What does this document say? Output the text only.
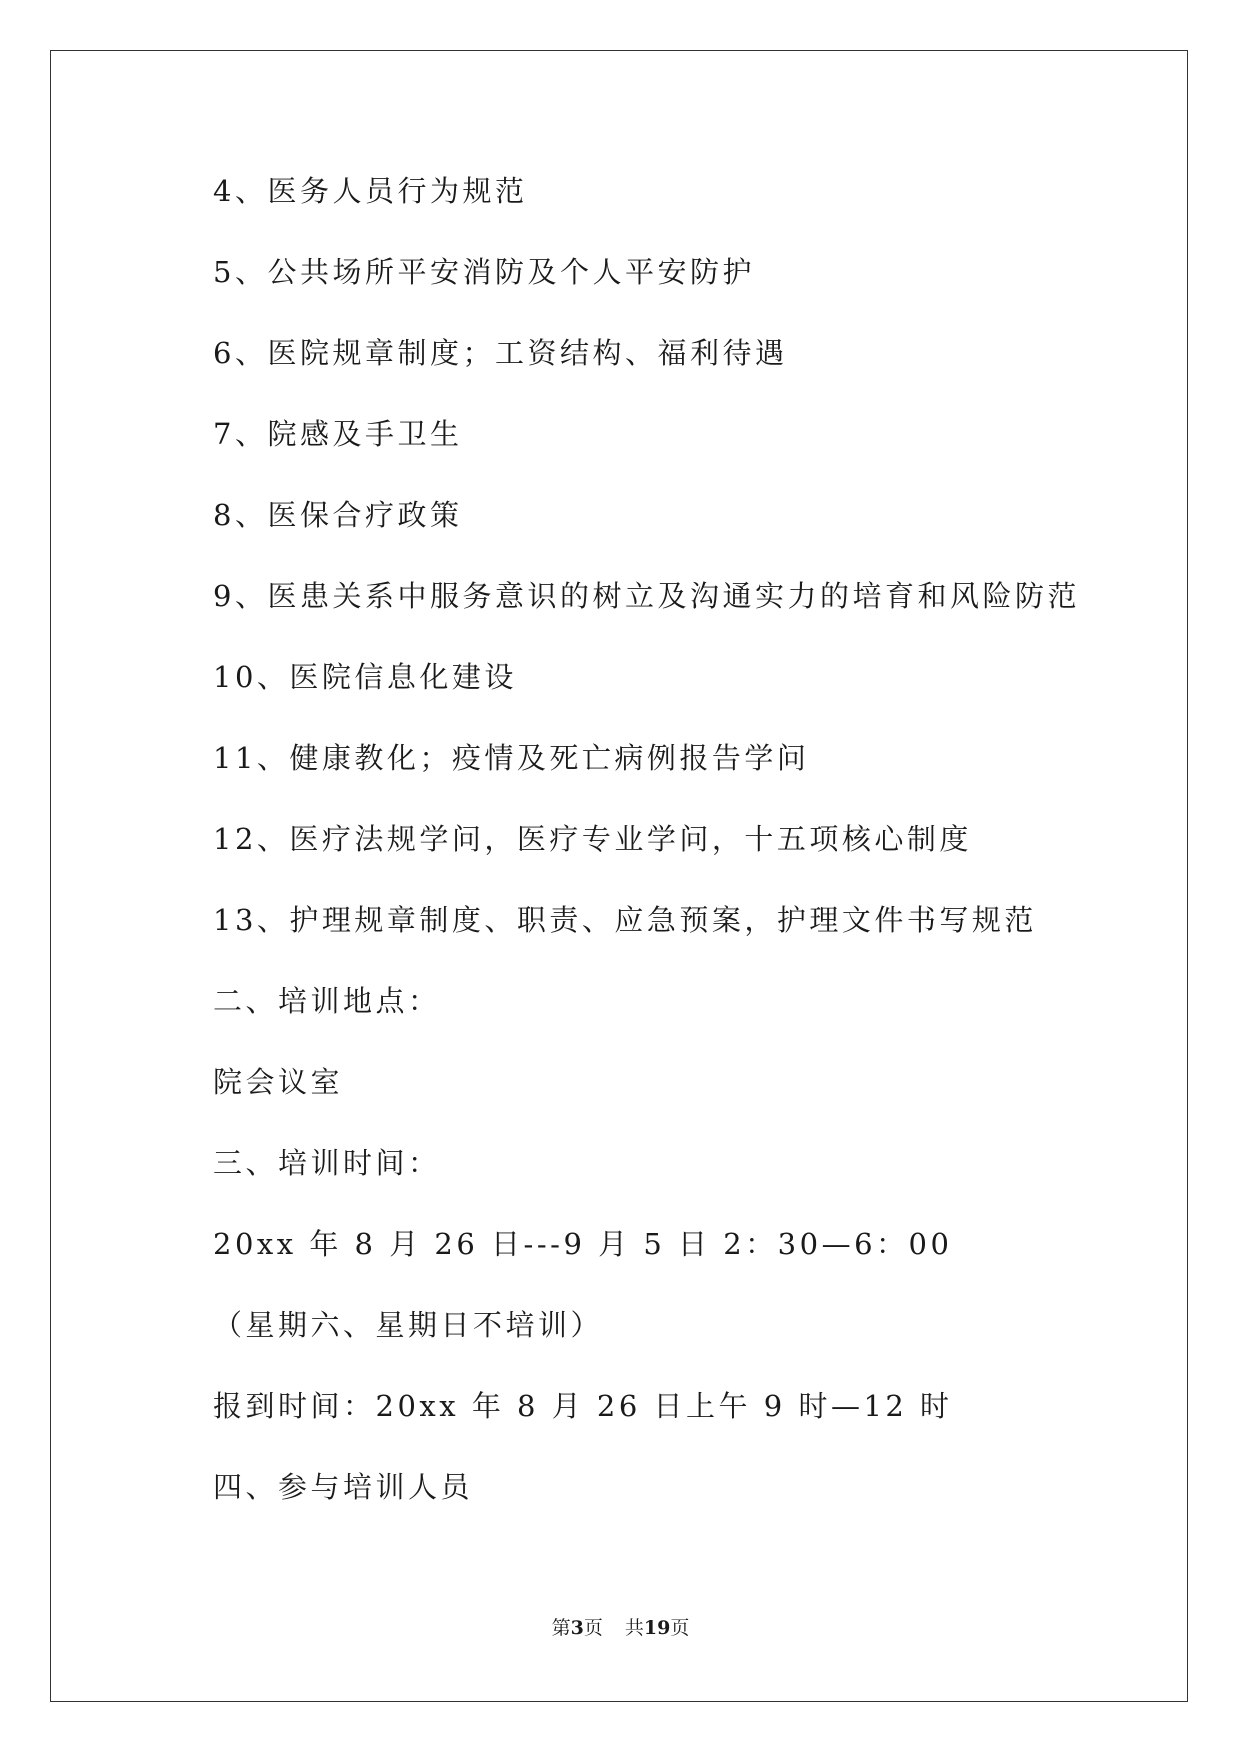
4、医务人员行为规范
5、公共场所平安消防及个人平安防护
6、医院规章制度；工资结构、福利待遇
7、院感及手卫生
8、医保合疗政策
9、医患关系中服务意识的树立及沟通实力的培育和风险防范
10、医院信息化建设
11、健康教化；疫情及死亡病例报告学问
12、医疗法规学问，医疗专业学问，十五项核心制度
13、护理规章制度、职责、应急预案，护理文件书写规范
二、培训地点：
院会议室
三、培训时间：
20xx 年 8 月 26 日---9 月 5 日 2：30—6：00
（星期六、星期日不培训）
报到时间：20xx 年 8 月 26 日上午 9 时—12 时
四、参与培训人员
第3页 共19页
